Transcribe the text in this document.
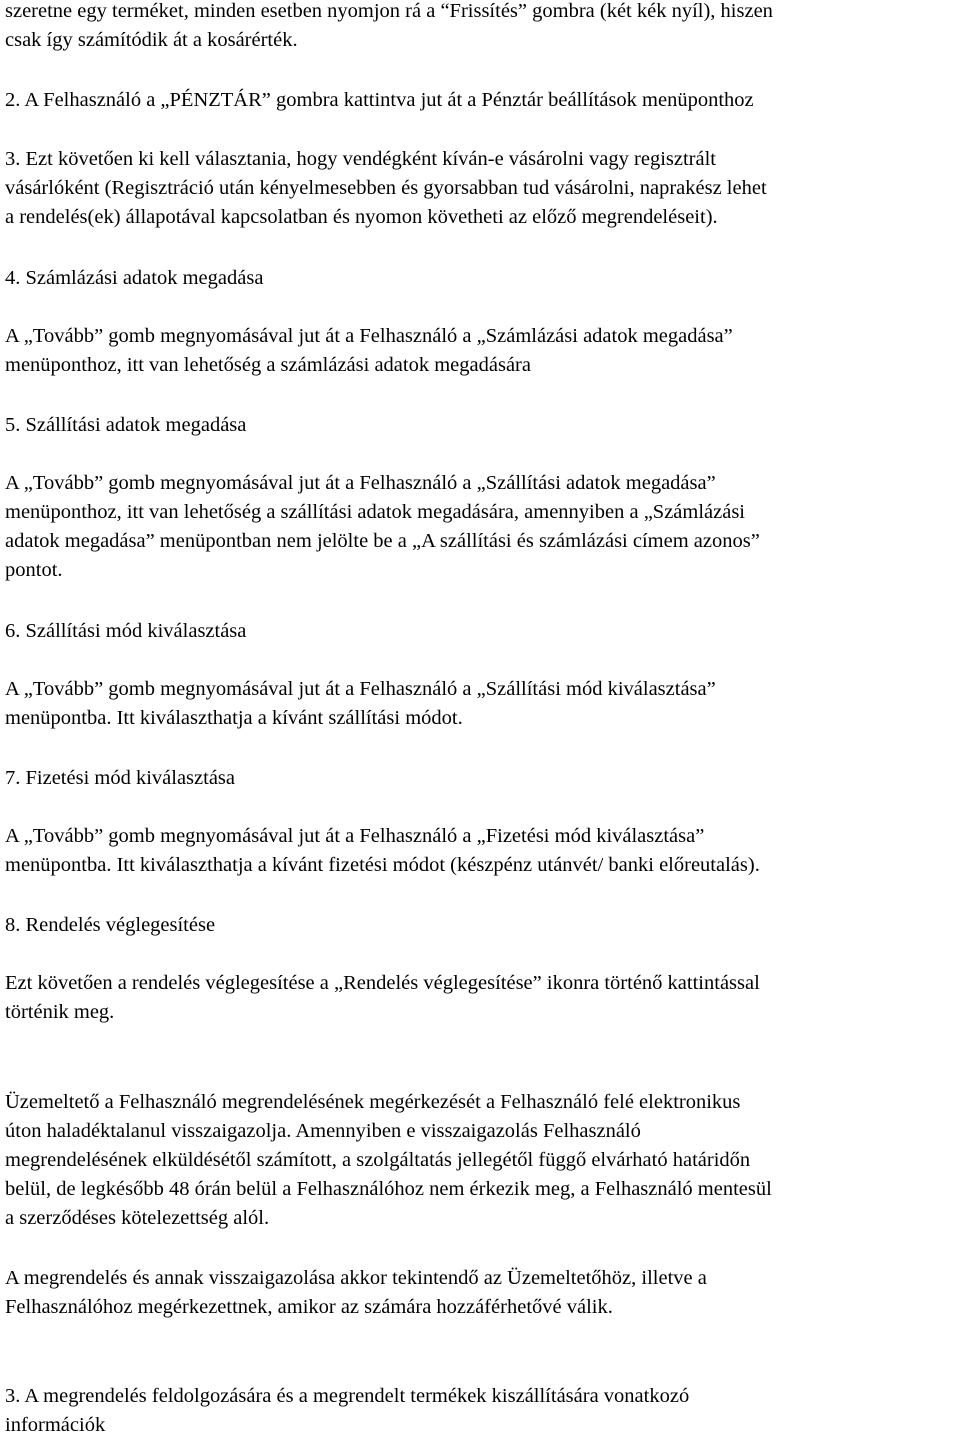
szeretne egy terméket, minden esetben nyomjon rá a “Frissítés” gombra (két kék nyíl), hiszen
csak így számítódik át a kosárérték.
2. A Felhasználó a „PÉNZTÁR” gombra kattintva jut át a Pénztár beállítások menüponthoz
3. Ezt követően ki kell választania, hogy vendégként kíván-e vásárolni vagy regisztrált
vásárlóként (Regisztráció után kényelmesebben és gyorsabban tud vásárolni, naprakész lehet
a rendelés(ek) állapotával kapcsolatban és nyomon követheti az előző megrendeléseit).
4. Számlázási adatok megadása
A „Tovább” gomb megnyomásával jut át a Felhasználó a „Számlázási adatok megadása”
menüponthoz, itt van lehetőség a számlázási adatok megadására
5. Szállítási adatok megadása
A „Tovább” gomb megnyomásával jut át a Felhasználó a „Szállítási adatok megadása”
menüponthoz, itt van lehetőség a szállítási adatok megadására, amennyiben a „Számlázási
adatok megadása” menüpontban nem jelölte be a „A szállítási és számlázási címem azonos”
pontot.
6. Szállítási mód kiválasztása
A „Tovább” gomb megnyomásával jut át a Felhasználó a „Szállítási mód kiválasztása”
menüpontba. Itt kiválaszthatja a kívánt szállítási módot.
7. Fizetési mód kiválasztása
A „Tovább” gomb megnyomásával jut át a Felhasználó a „Fizetési mód kiválasztása”
menüpontba. Itt kiválaszthatja a kívánt fizetési módot (készpénz utánvét/ banki előreutalás).
8. Rendelés véglegesítése
Ezt követően a rendelés véglegesítése a „Rendelés véglegesítése” ikonra történő kattintással
történik meg.
Üzemeltető a Felhasználó megrendelésének megérkezését a Felhasználó felé elektronikus
úton haladéktalanul visszaigazolja. Amennyiben e visszaigazolás Felhasználó
megrendelésének elküldésétől számított, a szolgáltatás jellegétől függő elvárható határidőn
belül, de legkésőbb 48 órán belül a Felhasználóhoz nem érkezik meg, a Felhasználó mentesül
a szerződéses kötelezettség alól.
A megrendelés és annak visszaigazolása akkor tekintendő az Üzemeltetőhöz, illetve a
Felhasználóhoz megérkezettnek, amikor az számára hozzáférhetővé válik.
3. A megrendelés feldolgozására és a megrendelt termékek kiszállítására vonatkozó
információk
